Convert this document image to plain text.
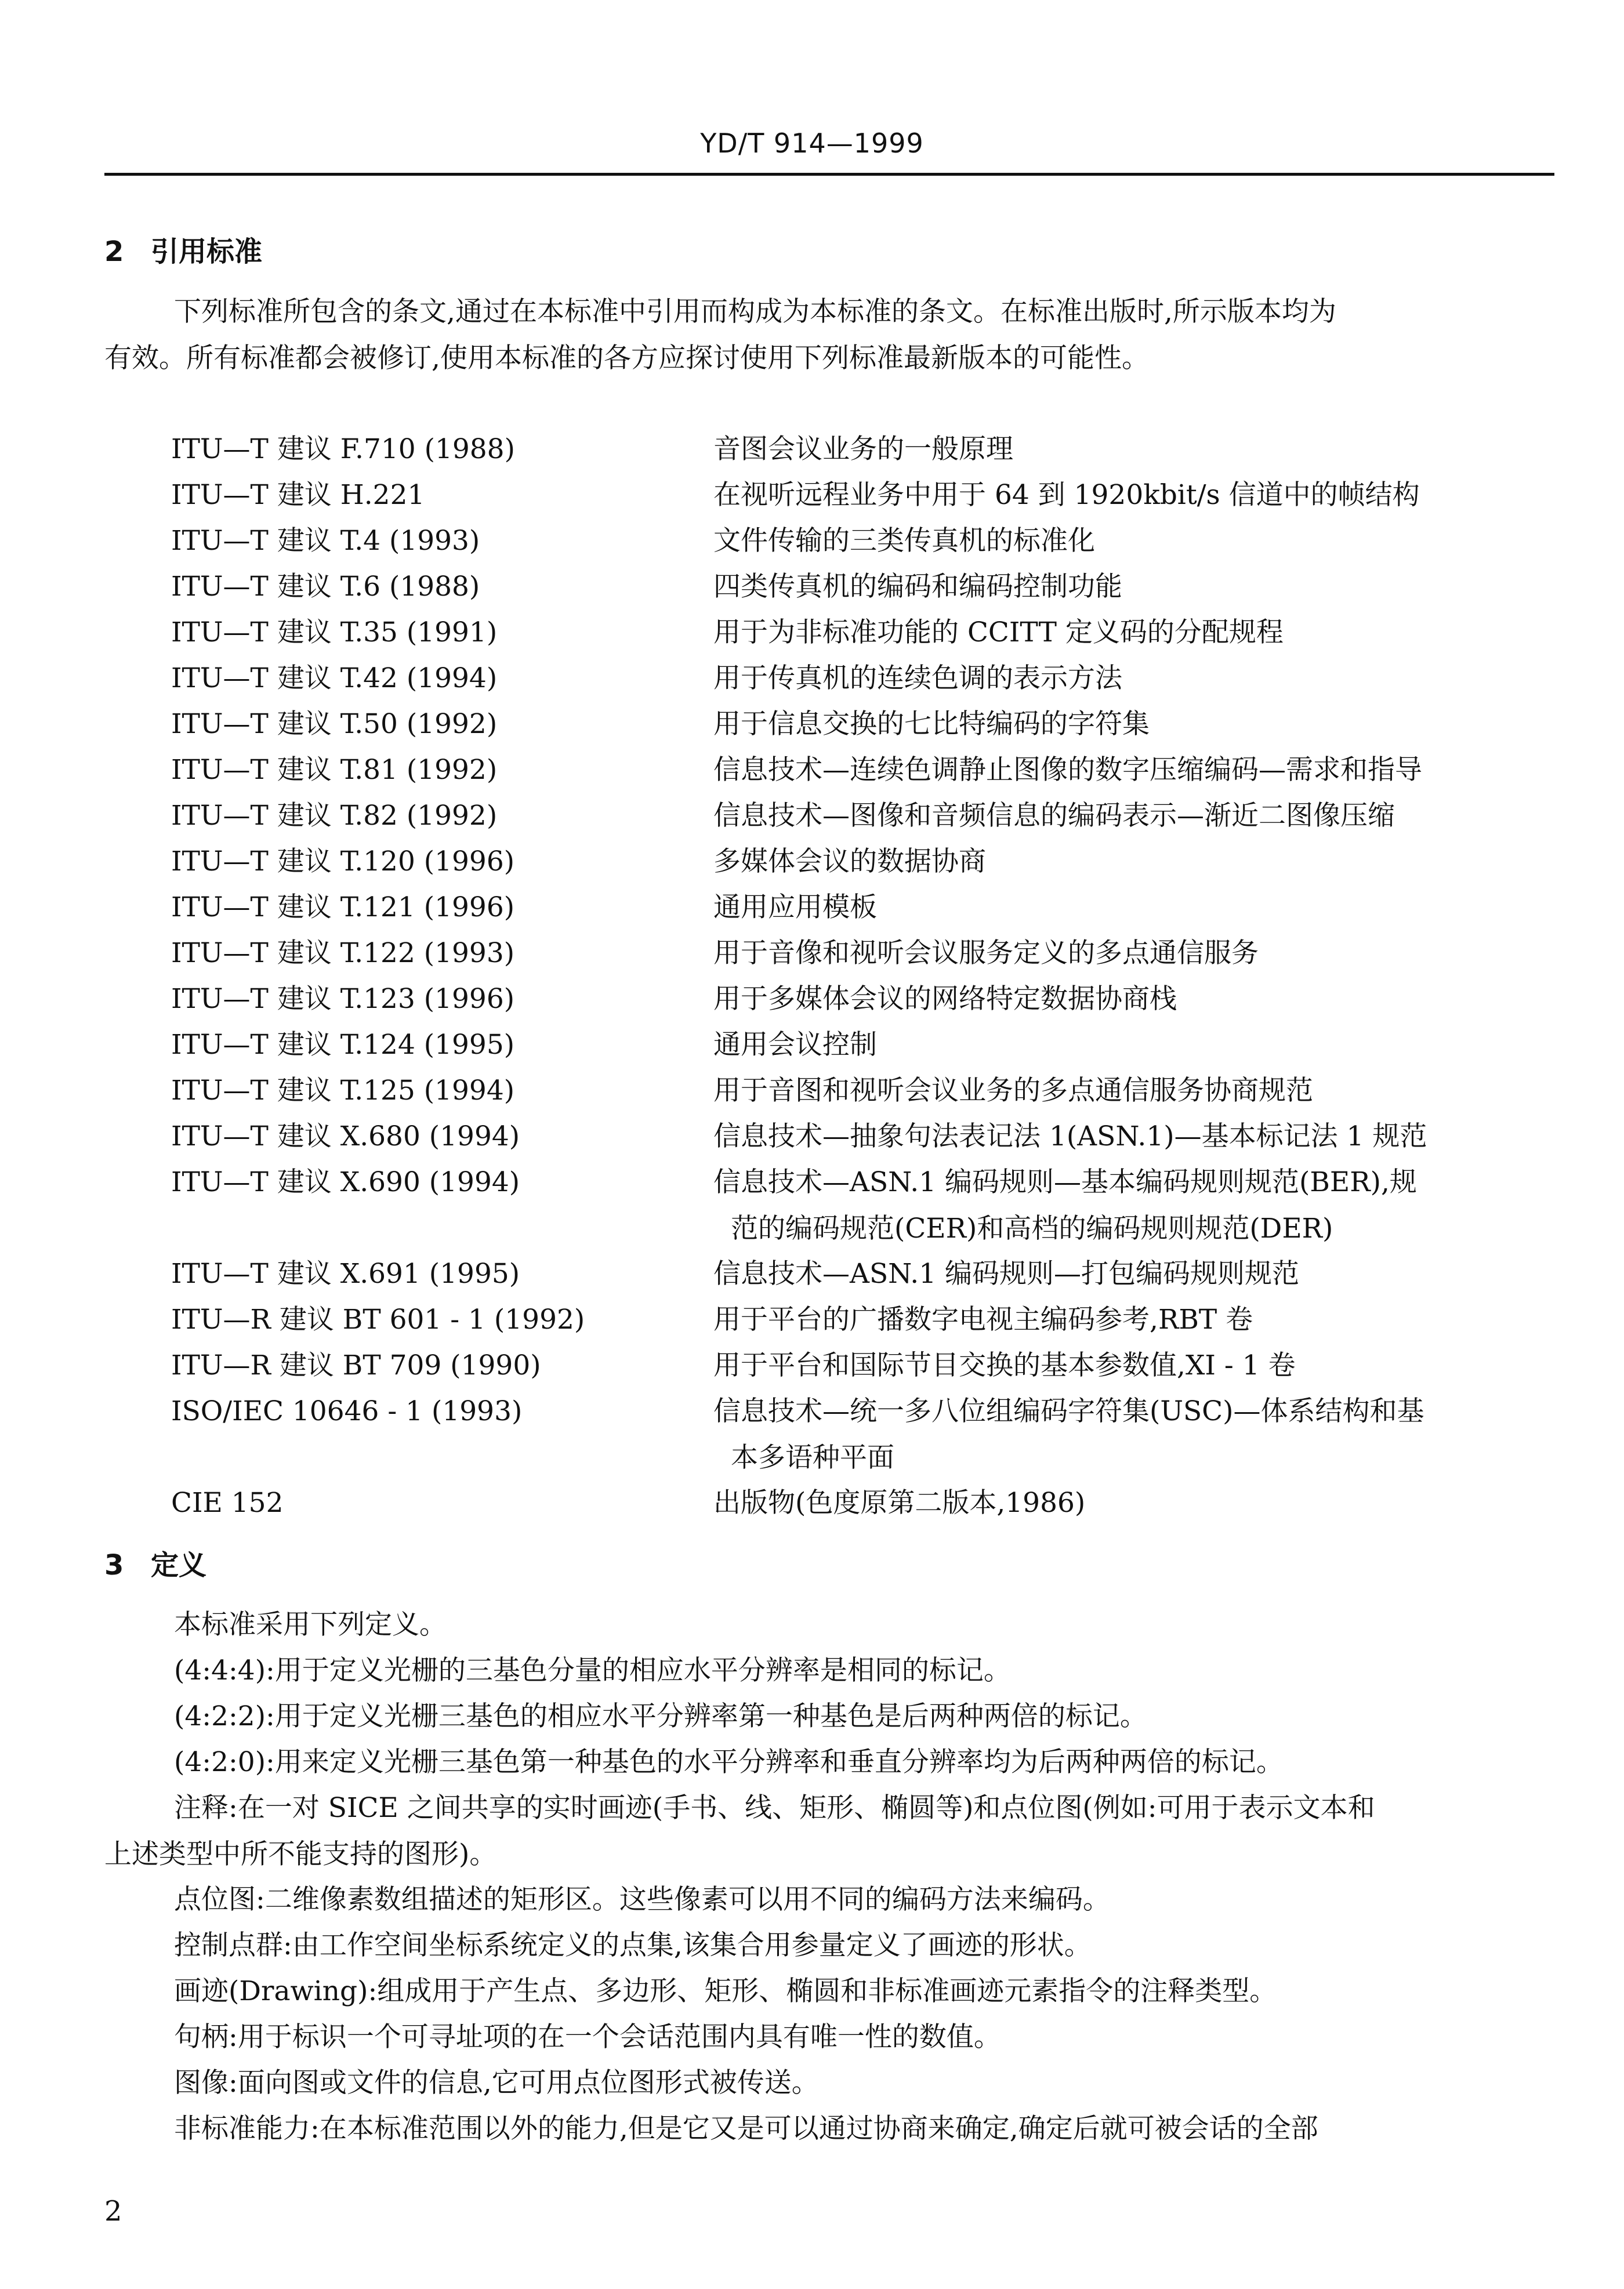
YD/T 914—1999
2 引用标准
下列标准所包含的条文,通过在本标准中引用而构成为本标准的条文。在标准出版时,所示版本均为
有效。所有标准都会被修订,使用本标准的各方应探讨使用下列标准最新版本的可能性。
ITU—T 建议 F.710 (1988)	音图会议业务的一般原理
ITU—T 建议 H.221	在视听远程业务中用于 64 到 1920kbit/s 信道中的帧结构
ITU—T 建议 T.4 (1993)	文件传输的三类传真机的标准化
ITU—T 建议 T.6 (1988)	四类传真机的编码和编码控制功能
ITU—T 建议 T.35 (1991)	用于为非标准功能的 CCITT 定义码的分配规程
ITU—T 建议 T.42 (1994)	用于传真机的连续色调的表示方法
ITU—T 建议 T.50 (1992)	用于信息交换的七比特编码的字符集
ITU—T 建议 T.81 (1992)	信息技术—连续色调静止图像的数字压缩编码—需求和指导
ITU—T 建议 T.82 (1992)	信息技术—图像和音频信息的编码表示—渐近二图像压缩
ITU—T 建议 T.120 (1996)	多媒体会议的数据协商
ITU—T 建议 T.121 (1996)	通用应用模板
ITU—T 建议 T.122 (1993)	用于音像和视听会议服务定义的多点通信服务
ITU—T 建议 T.123 (1996)	用于多媒体会议的网络特定数据协商栈
ITU—T 建议 T.124 (1995)	通用会议控制
ITU—T 建议 T.125 (1994)	用于音图和视听会议业务的多点通信服务协商规范
ITU—T 建议 X.680 (1994)	信息技术—抽象句法表记法 1(ASN.1)—基本标记法 1 规范
ITU—T 建议 X.690 (1994)	信息技术—ASN.1 编码规则—基本编码规则规范(BER),规
范的编码规范(CER)和高档的编码规则规范(DER)
ITU—T 建议 X.691 (1995)	信息技术—ASN.1 编码规则—打包编码规则规范
ITU—R 建议 BT 601 - 1 (1992)	用于平台的广播数字电视主编码参考,RBT 卷
ITU—R 建议 BT 709 (1990)	用于平台和国际节目交换的基本参数值,XI - 1 卷
ISO/IEC 10646 - 1 (1993)	信息技术—统一多八位组编码字符集(USC)—体系结构和基
本多语种平面
CIE 152	出版物(色度原第二版本,1986)
3 定义
本标准采用下列定义。
(4:4:4):用于定义光栅的三基色分量的相应水平分辨率是相同的标记。
(4:2:2):用于定义光栅三基色的相应水平分辨率第一种基色是后两种两倍的标记。
(4:2:0):用来定义光栅三基色第一种基色的水平分辨率和垂直分辨率均为后两种两倍的标记。
注释:在一对 SICE 之间共享的实时画迹(手书、线、矩形、椭圆等)和点位图(例如:可用于表示文本和
上述类型中所不能支持的图形)。
点位图:二维像素数组描述的矩形区。这些像素可以用不同的编码方法来编码。
控制点群:由工作空间坐标系统定义的点集,该集合用参量定义了画迹的形状。
画迹(Drawing):组成用于产生点、多边形、矩形、椭圆和非标准画迹元素指令的注释类型。
句柄:用于标识一个可寻址项的在一个会话范围内具有唯一性的数值。
图像:面向图或文件的信息,它可用点位图形式被传送。
非标准能力:在本标准范围以外的能力,但是它又是可以通过协商来确定,确定后就可被会话的全部
2
